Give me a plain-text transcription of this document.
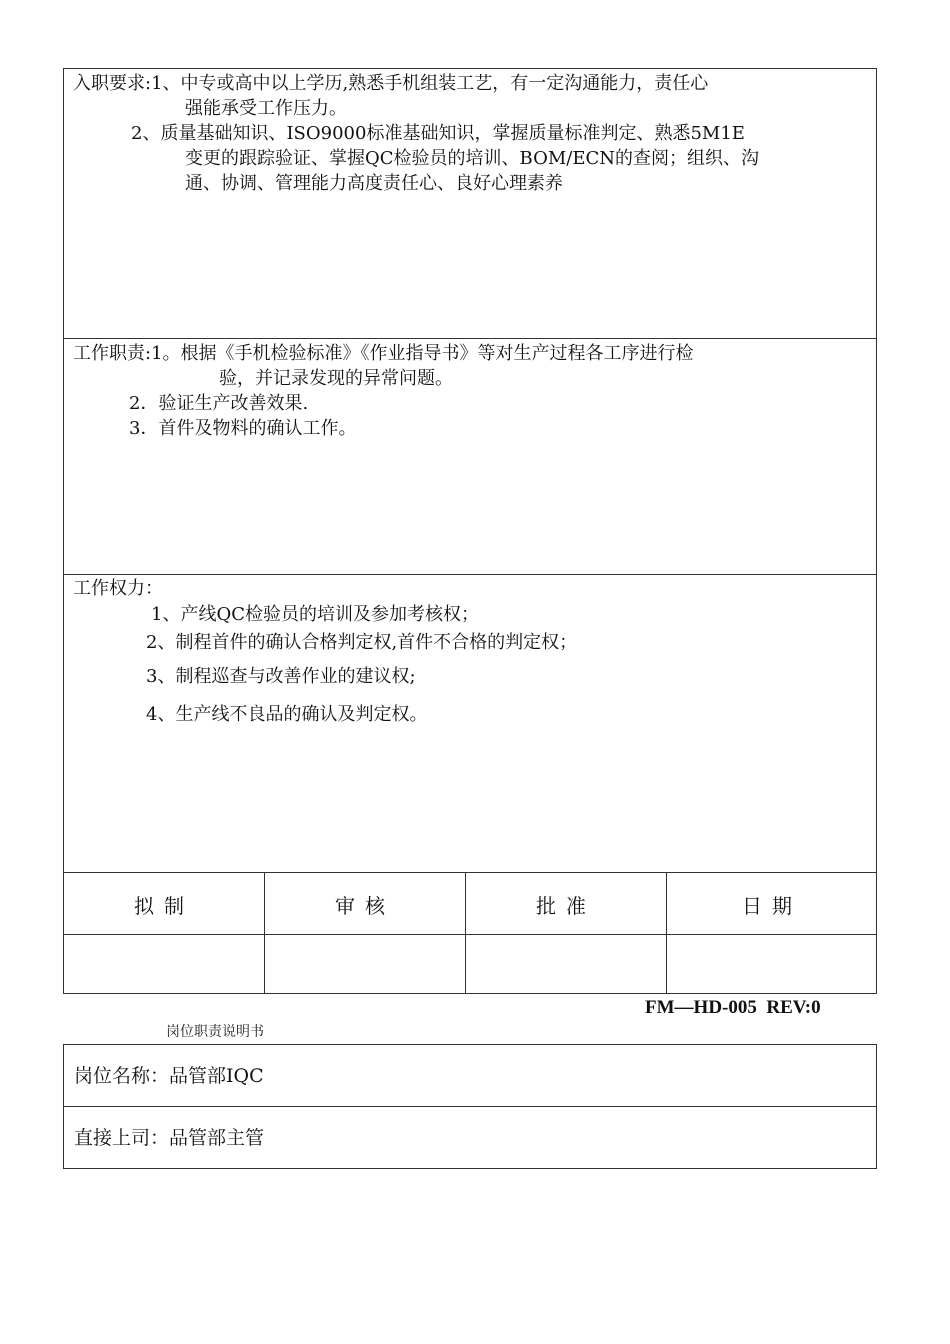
入职要求:1、中专或高中以上学历,熟悉手机组装工艺，有一定沟通能力，责任心
强能承受工作压力。
2、质量基础知识、ISO9000标准基础知识，掌握质量标准判定、熟悉5M1E
变更的跟踪验证、掌握QC检验员的培训、BOM/ECN的查阅；组织、沟
通、协调、管理能力高度责任心、良好心理素养
工作职责:1。根据《手机检验标准》《作业指导书》等对生产过程各工序进行检
验，并记录发现的异常问题。
2．验证生产改善效果.
3．首件及物料的确认工作。
工作权力：
1、产线QC检验员的培训及参加考核权；
2、制程首件的确认合格判定权,首件不合格的判定权；
3、制程巡查与改善作业的建议权;
4、生产线不良品的确认及判定权。
拟制	审核	批准	日期
FM—HD-005  REV:0
岗位职责说明书
岗位名称：品管部IQC
直接上司：品管部主管
